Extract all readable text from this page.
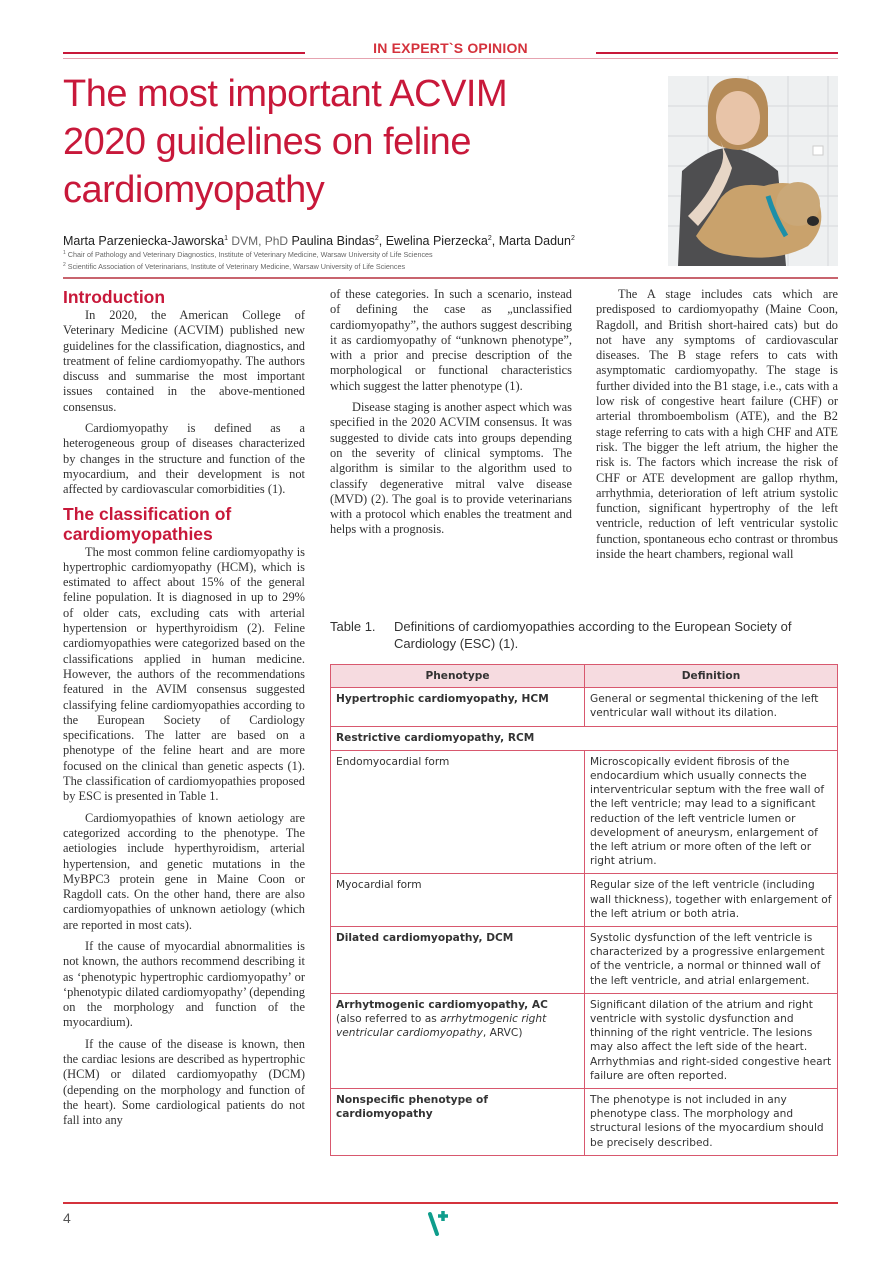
IN EXPERT`S OPINION
The most important ACVIM
2020 guidelines on feline
cardiomyopathy
Marta Parzeniecka-Jaworska$^1$ DVM, PhD Paulina Bindas$^2$, Ewelina Pierzecka$^2$, Marta Dadun$^2$
$^1$ Chair of Pathology and Veterinary Diagnostics, Institute of Veterinary Medicine, Warsaw University of Life Sciences
$^2$ Scientific Association of Veterinarians, Institute of Veterinary Medicine, Warsaw University of Life Sciences
Introduction

In 2020, the American College of Veterinary Medicine (ACVIM) published new guidelines for the classification, diagnostics, and treatment of feline cardiomyopathy. The authors discuss and summarise the most important issues contained in the above-mentioned consensus.

Cardiomyopathy is defined as a heterogeneous group of diseases characterized by changes in the structure and function of the myocardium, and their development is not affected by cardiovascular comorbidities (1).

The classification of cardiomyopathies

The most common feline cardiomyopathy is hypertrophic cardiomyopathy (HCM), which is estimated to affect about 15% of the general feline population. It is diagnosed in up to 29% of older cats, excluding cats with arterial hypertension or hyperthyroidism (2). Feline cardiomyopathies were categorized based on the classifications applied in human medicine. However, the authors of the recommendations featured in the AVIM consensus suggested classifying feline cardiomyopathies according to the European Society of Cardiology specifications. The latter are based on a phenotype of the feline heart and are more focused on the clinical than genetic aspects (1). The classification of cardiomyopathies proposed by ESC is presented in Table 1.

Cardiomyopathies of known aetiology are categorized according to the phenotype. The aetiologies include hyperthyroidism, arterial hypertension, and genetic mutations in the MyBPC3 protein gene in Maine Coon or Ragdoll cats. On the other hand, there are also cardiomyopathies of unknown aetiology (which are reported in most cats).

If the cause of myocardial abnormalities is not known, the authors recommend describing it as ‘phenotypic hypertrophic cardiomyopathy’ or ‘phenotypic dilated cardiomyopathy’ (depending on the morphology and function of the myocardium).

If the cause of the disease is known, then the cardiac lesions are described as hypertrophic (HCM) or dilated cardiomyopathy (DCM) (depending on the morphology and function of the heart). Some cardiological patients do not fall into any

of these categories. In such a scenario, instead of defining the case as „unclassified cardiomyopathy”, the authors suggest describing it as cardiomyopathy of “unknown phenotype”, with a prior and precise description of the morphological or functional characteristics which suggest the latter phenotype (1).

Disease staging is another aspect which was specified in the 2020 ACVIM consensus. It was suggested to divide cats into groups depending on the severity of clinical symptoms. The algorithm is similar to the algorithm used to classify degenerative mitral valve disease (MVD) (2). The goal is to provide veterinarians with a protocol which enables the treatment and helps with a prognosis.

The A stage includes cats which are predisposed to cardiomyopathy (Maine Coon, Ragdoll, and British short-haired cats) but do not have any symptoms of cardiovascular diseases. The B stage refers to cats with asymptomatic cardiomyopathy. The stage is further divided into the B1 stage, i.e., cats with a low risk of congestive heart failure (CHF) or arterial thromboembolism (ATE), and the B2 stage referring to cats with a high CHF and ATE risk. The bigger the left atrium, the higher the risk is. The factors which increase the risk of CHF or ATE development are gallop rhythm, arrhythmia, deterioration of left atrium systolic function, significant hypertrophy of the left ventricle, reduction of left ventricular systolic function, spontaneous echo contrast or thrombus inside the heart chambers, regional wall

Table 1. Definitions of cardiomyopathies according to the European Society of Cardiology (ESC) (1).
Phenotype	Definition
Hypertrophic cardiomyopathy, HCM	General or segmental thickening of the left ventricular wall without its dilation.
Restrictive cardiomyopathy, RCM	
Endomyocardial form	Microscopically evident fibrosis of the endocardium which usually connects the interventricular septum with the free wall of the left ventricle; may lead to a significant reduction of the left ventricle lumen or development of aneurysm, enlargement of the left atrium or more often of the left or right atrium.
Myocardial form	Regular size of the left ventricle (including wall thickness), together with enlargement of the left atrium or both atria.
Dilated cardiomyopathy, DCM	Systolic dysfunction of the left ventricle is characterized by a progressive enlargement of the ventricle, a normal or thinned wall of the left ventricle, and atrial enlargement.
Arrhytmogenic cardiomyopathy, AC
(also referred to as arrhytmogenic right ventricular cardiomyopathy, ARVC)	Significant dilation of the atrium and right ventricle with systolic dysfunction and thinning of the right ventricle. The lesions may also affect the left side of the heart. Arrhythmias and right-sided congestive heart failure are often reported.
Nonspecific phenotype of cardiomyopathy	The phenotype is not included in any phenotype class. The morphology and structural lesions of the myocardium should be precisely described.
4
